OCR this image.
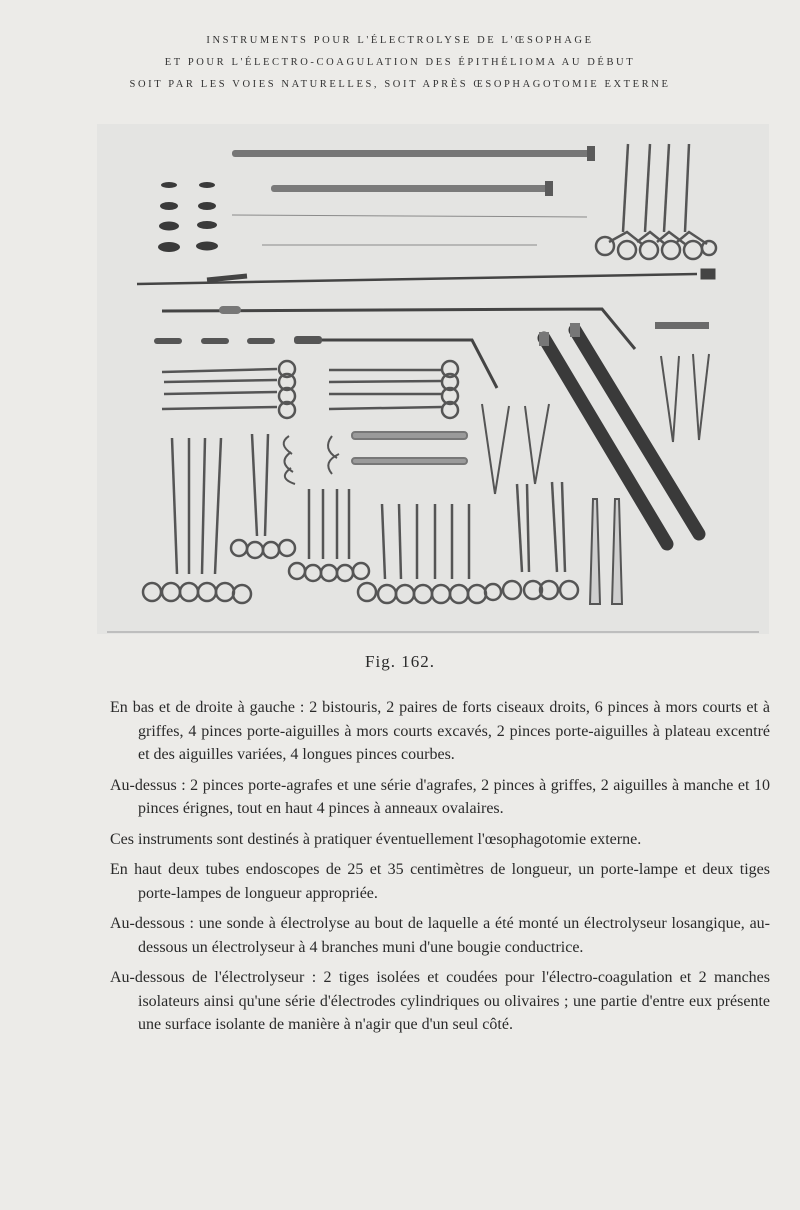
INSTRUMENTS POUR L'ÉLECTROLYSE DE L'ŒSOPHAGE
ET POUR L'ÉLECTRO-COAGULATION DES ÉPITHÉLIOMA AU DÉBUT
SOIT PAR LES VOIES NATURELLES, SOIT APRÈS ŒSOPHAGOTOMIE EXTERNE
Fig. 162.

En bas et de droite à gauche : 2 bistouris, 2 paires de forts ciseaux droits, 6 pinces à mors courts et à griffes, 4 pinces porte-aiguilles à mors courts excavés, 2 pinces porte-aiguilles à plateau excentré et des aiguilles variées, 4 longues pinces courbes.

Au-dessus : 2 pinces porte-agrafes et une série d'agrafes, 2 pinces à griffes, 2 aiguilles à manche et 10 pinces érignes, tout en haut 4 pinces à anneaux ovalaires.

Ces instruments sont destinés à pratiquer éventuellement l'œsophagotomie externe.

En haut deux tubes endoscopes de 25 et 35 centimètres de longueur, un porte-lampe et deux tiges porte-lampes de longueur appropriée.

Au-dessous : une sonde à électrolyse au bout de laquelle a été monté un électrolyseur losangique, au-dessous un électrolyseur à 4 branches muni d'une bougie conductrice.

Au-dessous de l'électrolyseur : 2 tiges isolées et coudées pour l'électro-coagulation et 2 manches isolateurs ainsi qu'une série d'électrodes cylindriques ou olivaires ; une partie d'entre eux présente une surface isolante de manière à n'agir que d'un seul côté.
